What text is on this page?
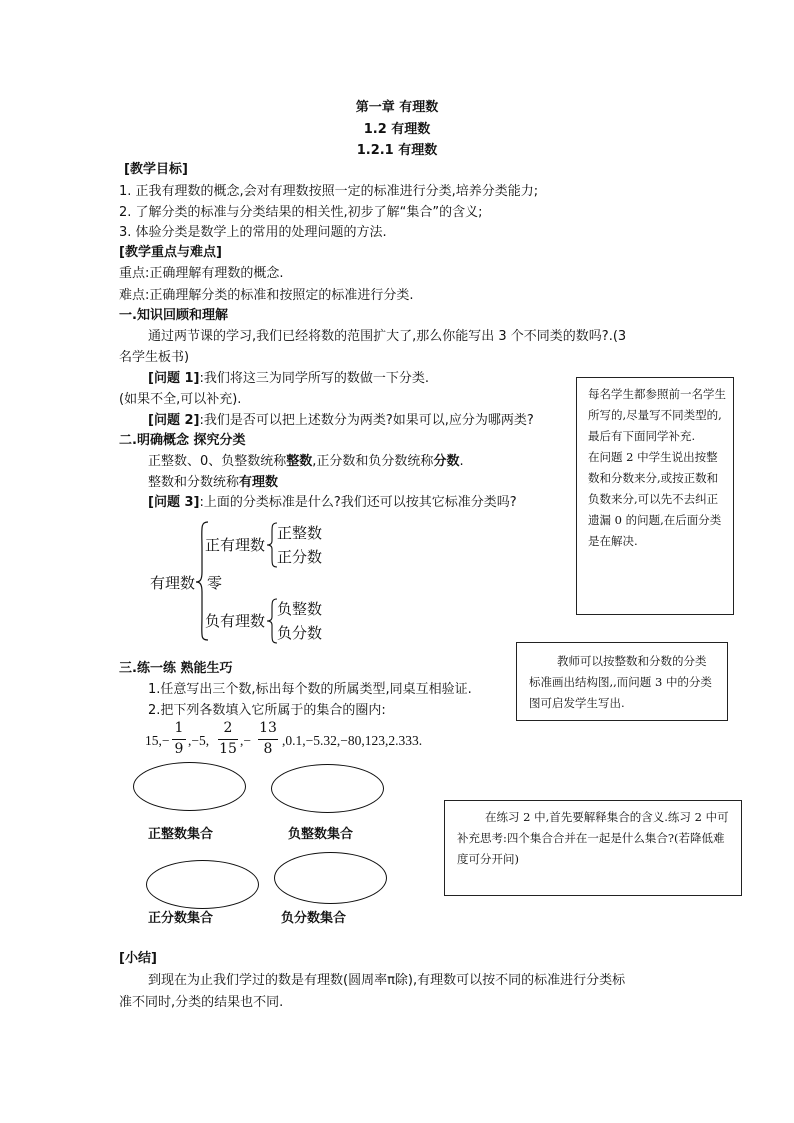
第一章 有理数
1.2 有理数
1.2.1 有理数
[教学目标]
1. 正我有理数的概念,会对有理数按照一定的标准进行分类,培养分类能力;
2. 了解分类的标准与分类结果的相关性,初步了解“集合”的含义;
3. 体验分类是数学上的常用的处理问题的方法.
[教学重点与难点]
重点:正确理解有理数的概念.
难点:正确理解分类的标准和按照定的标准进行分类.
一.知识回顾和理解
通过两节课的学习,我们已经将数的范围扩大了,那么你能写出 3 个不同类的数吗?.(3
名学生板书)
[问题 1]:我们将这三为同学所写的数做一下分类.
(如果不全,可以补充).
[问题 2]:我们是否可以把上述数分为两类?如果可以,应分为哪两类?
二.明确概念 探究分类
正整数、0、负整数统称整数,正分数和负分数统称分数.
整数和分数统称有理数
[问题 3]:上面的分类标准是什么?我们还可以按其它标准分类吗?
有理数
正有理数
正整数
正分数
零
负有理数
负整数
负分数
三.练一练 熟能生巧
1.任意写出三个数,标出每个数的所属类型,同桌互相验证.
2.把下列各数填入它所属于的集合的圈内:
15,−
1
9
,−5,
2
15
,−
13
8
,0.1,−5.32,−80,123,2.333.
正整数集合	负整数集合
正分数集合	负分数集合
[小结]
到现在为止我们学过的数是有理数(圆周率π除),有理数可以按不同的标准进行分类标
准不同时,分类的结果也不同.
每名学生都参照前一名学生所写的,尽量写不同类型的,最后有下面同学补充.
在问题 2 中学生说出按整数和分数来分,或按正数和负数来分,可以先不去纠正遗漏 0 的问题,在后面分类是在解决.
教师可以按整数和分数的分类标准画出结构图,,而问题 3 中的分类图可启发学生写出.
在练习 2 中,首先要解释集合的含义.练习 2 中可补充思考:四个集合合并在一起是什么集合?(若降低难度可分开问)
